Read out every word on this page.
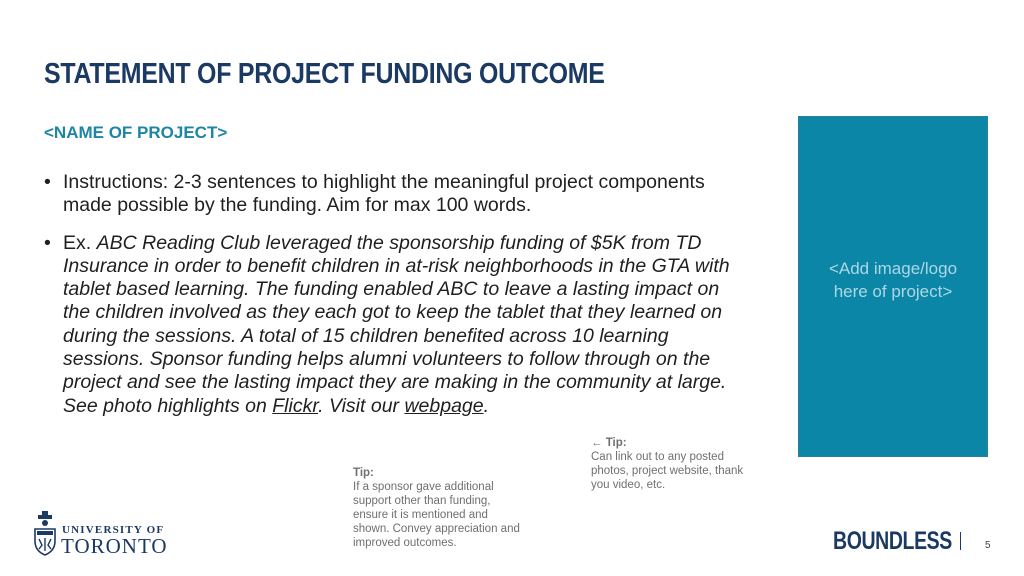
STATEMENT OF PROJECT FUNDING OUTCOME

<NAME OF PROJECT>

• Instructions: 2-3 sentences to highlight the meaningful project components made possible by the funding. Aim for max 100 words.
• Ex. ABC Reading Club leveraged the sponsorship funding of $5K from TD Insurance in order to benefit children in at-risk neighborhoods in the GTA with tablet based learning. The funding enabled ABC to leave a lasting impact on the children involved as they each got to keep the tablet that they learned on during the sessions. A total of 15 children benefited across 10 learning sessions. Sponsor funding helps alumni volunteers to follow through on the project and see the lasting impact they are making in the community at large.
See photo highlights on Flickr. Visit our webpage.
<Add image/logo
here of project>
← Tip:
Can link out to any posted photos, project website, thank you video, etc.
Tip:
If a sponsor gave additional support other than funding, ensure it is mentioned and shown. Convey appreciation and improved outcomes.
UNIVERSITY OF
TORONTO	BOUNDLESS	5
